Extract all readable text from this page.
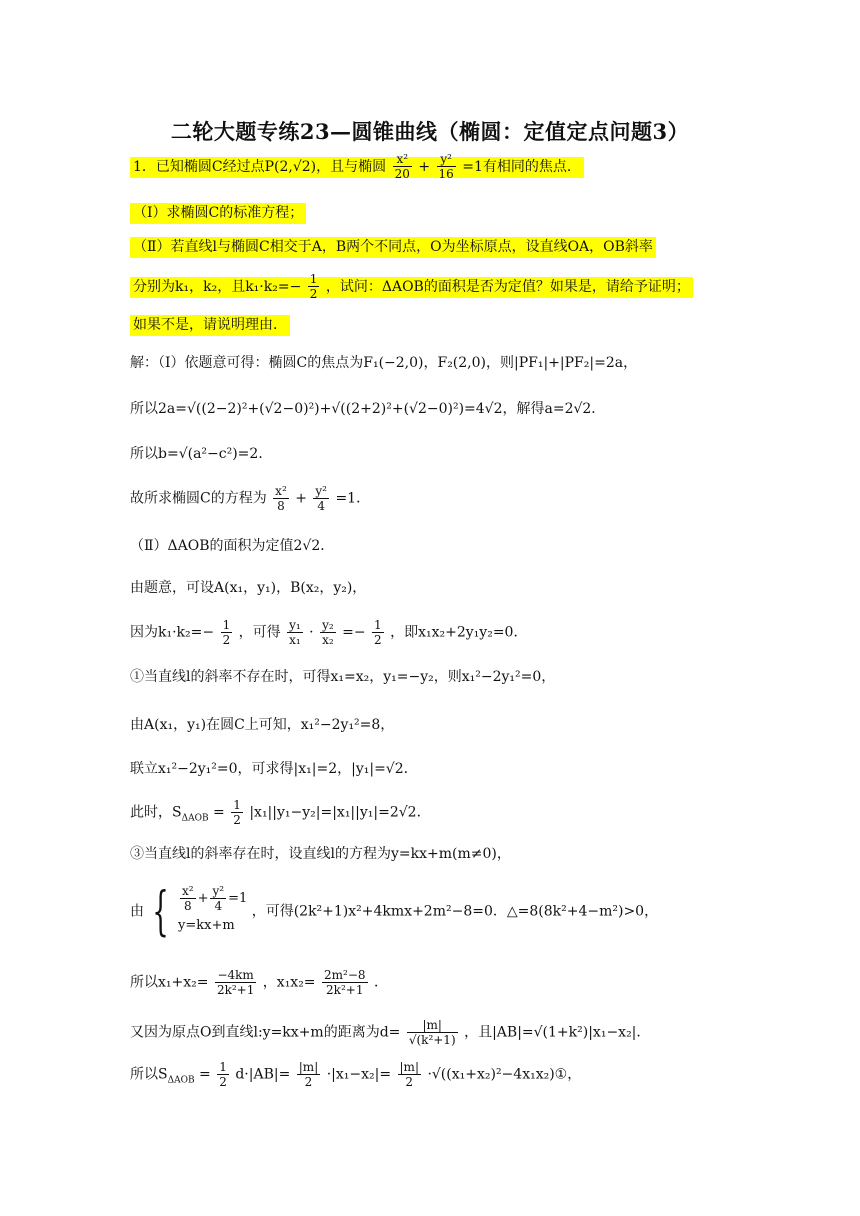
二轮大题专练23—圆锥曲线（椭圆：定值定点问题3）
1．已知椭圆C经过点P(2,√2)，且与椭圆 $\frac{\text{x²}}{20} + \frac{\text{y²}}{16} =1$有相同的焦点．
（Ⅰ）求椭圆C的标准方程；
（Ⅱ）若直线l与椭圆C相交于A，B两个不同点，O为坐标原点，设直线OA，OB斜率
分别为k₁，k₂，且$k_1\cdot k_2=- \frac{1}{2}$ ，试问：ΔAOB的面积是否为定值？如果是，请给予证明；
如果不是，请说明理由．
解：（Ⅰ）依题意可得：椭圆C的焦点为F₁(−2,0)，F₂(2,0)，则|PF₁|+|PF₂|=2a，
所以2a=√((2−2)²+(√2−0)²)+√((2+2)²+(√2−0)²)=4√2，解得a=2√2．
所以b=√(a²−c²)=2．
故所求椭圆C的方程为 $\frac{\text{x²}}{8} + \frac{\text{y²}}{4} =1$．
（Ⅱ）ΔAOB的面积为定值2√2．
由题意，可设A(x₁，y₁)，B(x₂，y₂)，
因为$k_1\cdot k_2=- \frac{1}{2}$ ，可得 $\frac{\text{y₁}}{\text{x₁}} \cdot \frac{\text{y₂}}{\text{x₂}} =- \frac{1}{2}$ ，即x₁x₂+2y₁y₂=0．
①当直线l的斜率不存在时，可得x₁=x₂，y₁=−y₂，则x₁²−2y₁²=0，
由A(x₁，y₁)在圆C上可知，x₁²−2y₁²=8，
联立x₁²−2y₁²=0，可求得|x₁|=2，|y₁|=√2．
此时，$S_{\Delta AOB} = \frac{1}{2} |x_1||y_1-y_2|=|x_1||y_1|=2√2$．
③当直线l的斜率存在时，设直线l的方程为y=kx+m(m≠0)，
由 { $\frac{\text{x²}}{8} + \frac{\text{y²}}{4} =1$
y=kx+m
，可得(2k²+1)x²+4kmx+2m²−8=0．△=8(8k²+4−m²)>0，
所以$x_1+x_2= \frac{-4km}{\text{2k²+1}}$ ，$x_1x_2= \frac{\text{2m²−8}}{\text{2k²+1}}$ ．
又因为原点O到直线l:y=kx+m的距离为$d= \frac{|m|}{\text{√(k²+1)}}$ ，且|AB|=√(1+k²)|x₁−x₂|．
所以$S_{\Delta AOB} = \frac{1}{2} d\cdot|AB|= \frac{|m|}{2} \cdot|x_1-x_2|= \frac{|m|}{2}$ ·√((x₁+x₂)²−4x₁x₂)①，
